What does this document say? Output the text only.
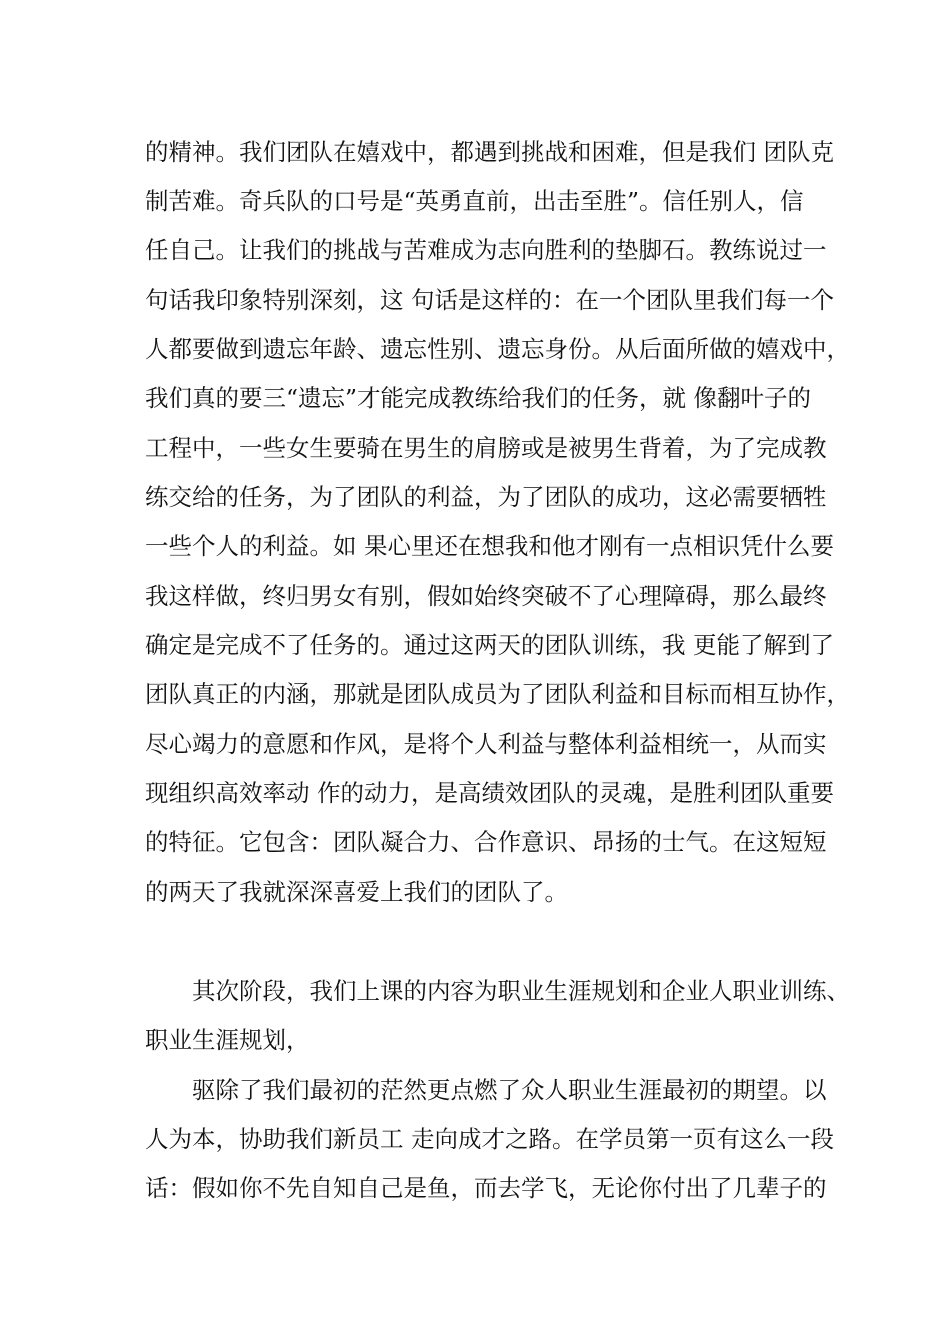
的精神。我们团队在嬉戏中，都遇到挑战和困难，但是我们 团队克
制苦难。奇兵队的口号是“英勇直前，出击至胜”。信任别人，信
任自己。让我们的挑战与苦难成为志向胜利的垫脚石。教练说过一
句话我印象特别深刻，这 句话是这样的：在一个团队里我们每一个
人都要做到遗忘年龄、遗忘性别、遗忘身份。从后面所做的嬉戏中，
我们真的要三“遗忘”才能完成教练给我们的任务，就 像翻叶子的
工程中，一些女生要骑在男生的肩膀或是被男生背着，为了完成教
练交给的任务，为了团队的利益，为了团队的成功，这必需要牺牲
一些个人的利益。如 果心里还在想我和他才刚有一点相识凭什么要
我这样做，终归男女有别，假如始终突破不了心理障碍，那么最终
确定是完成不了任务的。通过这两天的团队训练，我 更能了解到了
团队真正的内涵，那就是团队成员为了团队利益和目标而相互协作，
尽心竭力的意愿和作风，是将个人利益与整体利益相统一，从而实
现组织高效率动 作的动力，是高绩效团队的灵魂，是胜利团队重要
的特征。它包含：团队凝合力、合作意识、昂扬的士气。在这短短
的两天了我就深深喜爱上我们的团队了。
其次阶段，我们上课的内容为职业生涯规划和企业人职业训练、
职业生涯规划，
驱除了我们最初的茫然更点燃了众人职业生涯最初的期望。以
人为本，协助我们新员工 走向成才之路。在学员第一页有这么一段
话：假如你不先自知自己是鱼，而去学飞，无论你付出了几辈子的
